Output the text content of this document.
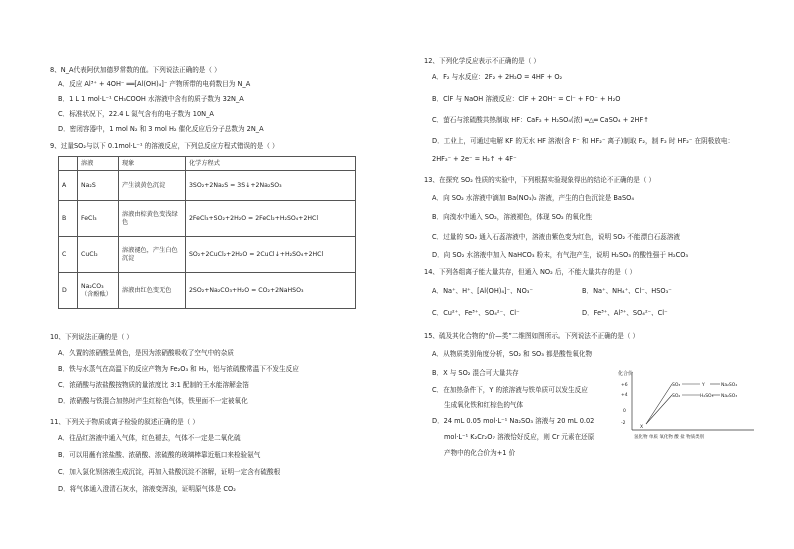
8、N_A代表阿伏加德罗常数的值。下列说法正确的是（ ）
A．反应 Al³⁺ + 4OH⁻ ══[Al(OH)₄]⁻ 产物所带的电荷数目为 N_A
B．1 L 1 mol·L⁻¹ CH₃COOH 水溶液中含有的质子数为 32N_A
C．标准状况下，22.4 L 氮气含有的电子数为 10N_A
D．密闭容器中，1 mol N₂ 和 3 mol H₂ 催化反应后分子总数为 2N_A
9、过量SO₂与以下 0.1mol·L⁻¹ 的溶液反应，下列总反应方程式错误的是（ ）
	溶液	现象	化学方程式
A	Na₂S	产生淡黄色沉淀	3SO₂+2Na₂S = 3S↓+2Na₂SO₃
B	FeCl₃	溶液由棕黄色变浅绿色	2FeCl₃+SO₂+2H₂O = 2FeCl₂+H₂SO₄+2HCl
C	CuCl₂	溶液褪色，产生白色沉淀	SO₂+2CuCl₂+2H₂O = 2CuCl↓+H₂SO₄+2HCl
D	Na₂CO₃（含酚酞）	溶液由红色变无色	2SO₂+Na₂CO₃+H₂O = CO₂+2NaHSO₃
10、下列说法正确的是（ ）
A．久置的浓硝酸呈黄色，是因为浓硝酸吸收了空气中的杂质
B．铁与水蒸气在高温下的反应产物为 Fe₂O₃ 和 H₂，铝与浓硫酸常温下不发生反应
C．浓硝酸与浓盐酸按物质的量浓度比 3:1 配制的王水能溶解金箔
D．浓硝酸与铁混合加热时产生红棕色气体，铁里面不一定被氧化
11、下列关于物质或离子检验的叙述正确的是（ ）
A．往品红溶液中通入气体，红色褪去，气体不一定是二氧化硫
B．可以用蘸有浓盐酸、浓硝酸、浓硫酸的玻璃棒靠近瓶口来检验氨气
C．加入氯化钡溶液生成沉淀，再加入盐酸沉淀不溶解，证明一定含有硫酸根
D．将气体通入澄清石灰水，溶液变浑浊，证明原气体是 CO₂
12、下列化学反应表示不正确的是（ ）
A．F₂ 与水反应：2F₂ + 2H₂O = 4HF + O₂
B．ClF 与 NaOH 溶液反应：ClF + 2OH⁻ = Cl⁻ + FO⁻ + H₂O
C．萤石与浓硫酸共热制取 HF：CaF₂ + H₂SO₄(浓) ═△═ CaSO₄ + 2HF↑
D．工业上，可通过电解 KF 的无水 HF 溶液(含 F⁻ 和 HF₂⁻ 离子)制取 F₂，制 F₂ 时 HF₂⁻ 在阴极放电：
2HF₂⁻ + 2e⁻ = H₂↑ + 4F⁻
13、在探究 SO₂ 性质的实验中，下列根据实验现象得出的结论不正确的是（ ）
A．向 SO₂ 水溶液中滴加 Ba(NO₃)₂ 溶液，产生的白色沉淀是 BaSO₄
B．向溴水中通入 SO₂，溶液褪色，体现 SO₂ 的氧化性
C．过量的 SO₂ 通入石蕊溶液中，溶液由紫色变为红色，说明 SO₂ 不能漂白石蕊溶液
D．向 SO₂ 水溶液中加入 NaHCO₃ 粉末，有气泡产生，说明 H₂SO₃ 的酸性强于 H₂CO₃
14、下列各组离子能大量共存，但通入 NO₂ 后，不能大量共存的是（ ）
A．Na⁺、H⁺、[Al(OH)₄]⁻、NO₃⁻	B．Na⁺、NH₄⁺、Cl⁻、HSO₃⁻
C．Cu²⁺、Fe³⁺、SO₄²⁻、Cl⁻	D．Fe³⁺、Al³⁺、SO₄²⁻、Cl⁻
15、硫及其化合物的“价—类”二维图如图所示。下列说法不正确的是（ ）
A．从物质类别角度分析，SO₂ 和 SO₃ 都是酸性氧化物
B．X 与 SO₂ 混合可大量共存
C．在加热条件下，Y 的浓溶液与铁单质可以发生反应
生成氧化铁和红棕色的气体
D．24 mL 0.05 mol·L⁻¹ Na₂SO₃ 溶液与 20 mL 0.02
mol·L⁻¹ K₂Cr₂O₇ 溶液恰好反应，则 Cr 元素在还原
产物中的化合价为+1 价
化合价
+6
+4
0
-2
SO₃
SO₂
Y
H₂SO₃
Na₂SO₄
Na₂SO₃
X
氢化物 单质 氧化物 酸 盐 物质类别
